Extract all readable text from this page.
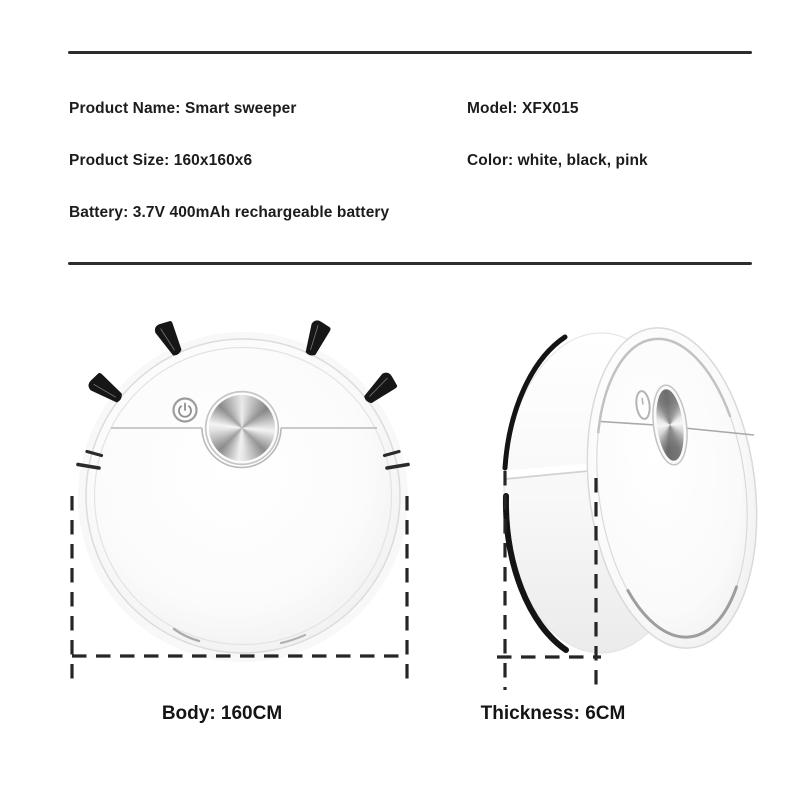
Product Name: Smart sweeper	Model: XFX015
Product Size: 160x160x6	Color: white, black, pink
Battery: 3.7V 400mAh rechargeable battery
Body: 160CM	Thickness: 6CM
